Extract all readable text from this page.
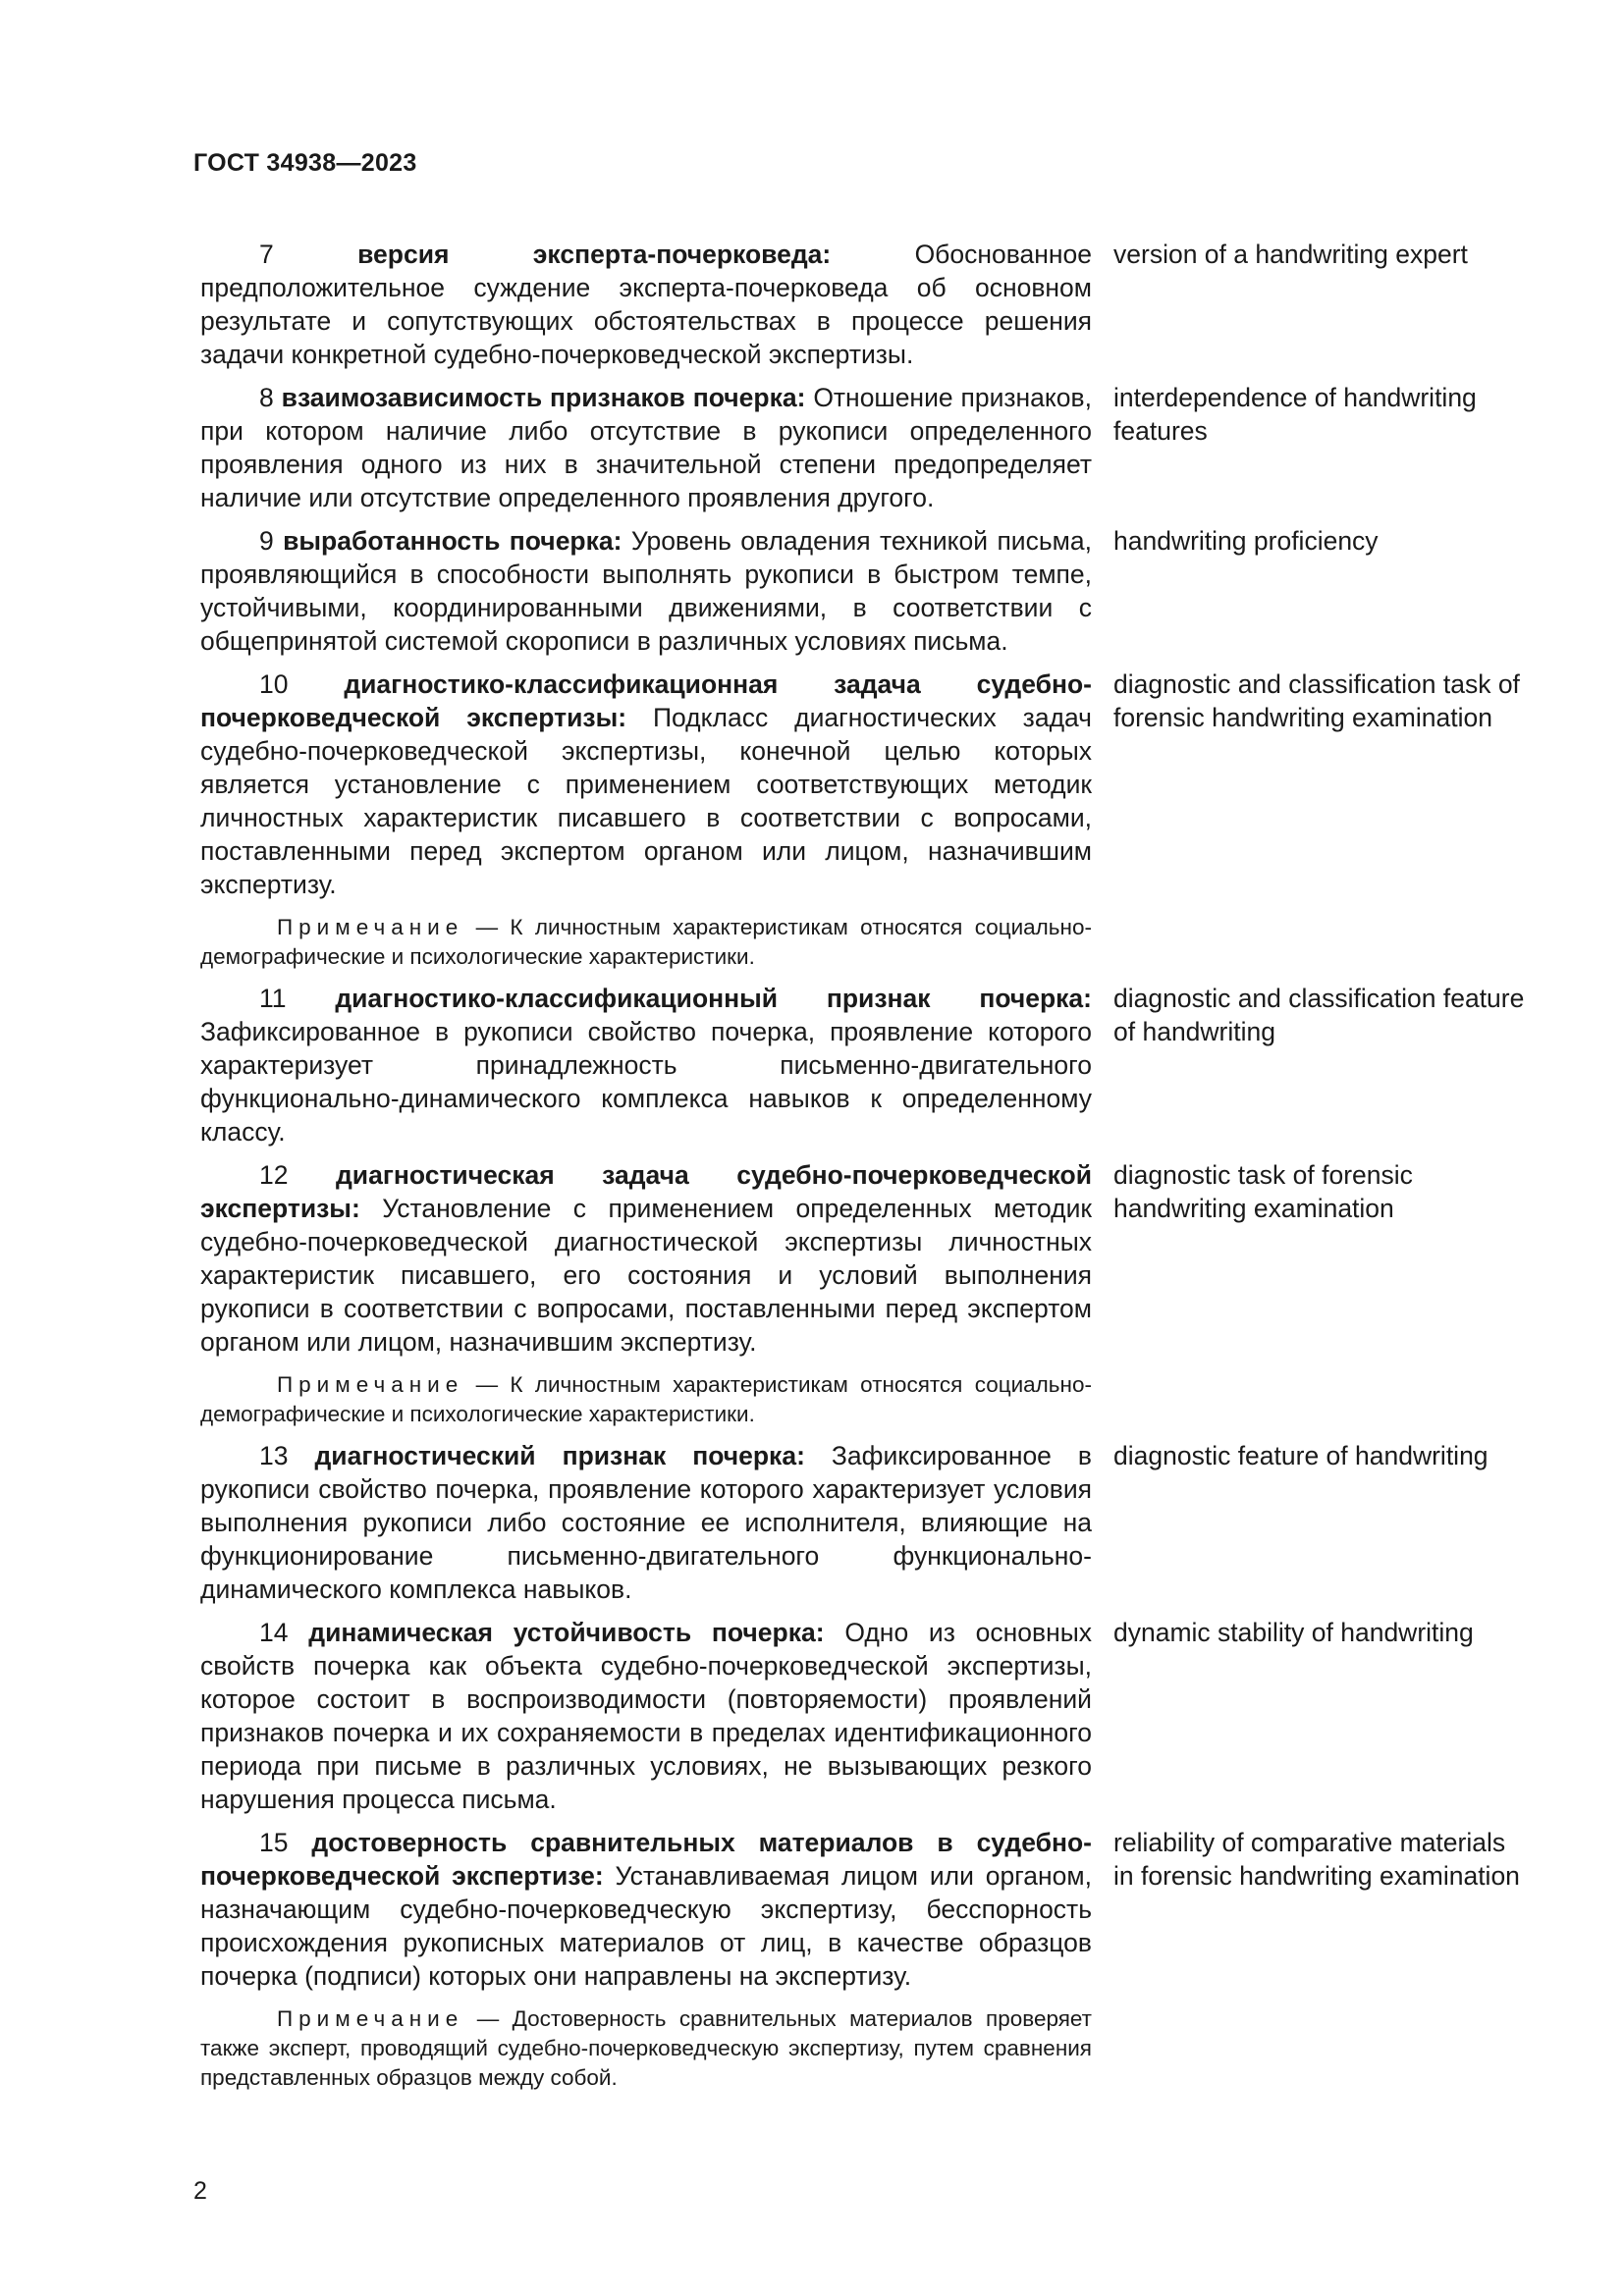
ГОСТ 34938—2023
7	версия эксперта-почерковеда:	Обоснованное предположительное суждение эксперта-почерковеда об основном результате и сопутствующих обстоятельствах в процессе решения задачи конкретной судебно-почерковедческой экспертизы.
version of a handwriting expert
8 взаимозависимость признаков почерка: Отношение признаков, при котором наличие либо отсутствие в рукописи определенного проявления одного из них в значительной степени предопределяет наличие или отсутствие определенного проявления другого.
interdependence of handwriting features
9 выработанность почерка: Уровень овладения техникой письма, проявляющийся в способности выполнять рукописи в быстром темпе, устойчивыми, координированными движениями, в соответствии с общепринятой системой скорописи в различных условиях письма.
handwriting proficiency
10 диагностико-классификационная задача судебно-почерковедческой экспертизы: Подкласс диагностических задач судебно-почерковедческой экспертизы, конечной целью которых является установление с применением соответствующих методик личностных характеристик писавшего в соответствии с вопросами, поставленными перед экспертом органом или лицом, назначившим экспертизу.
diagnostic and classification task of forensic handwriting examination
Примечание — К личностным характеристикам относятся социально-демографические и психологические характеристики.
11 диагностико-классификационный признак почерка: Зафиксированное в рукописи свойство почерка, проявление которого характеризует принадлежность письменно-двигательного функционально-динамического комплекса навыков к определенному классу.
diagnostic and classification feature of handwriting
12 диагностическая задача судебно-почерковедческой экспертизы: Установление с применением определенных методик судебно-почерковедческой диагностической экспертизы личностных характеристик писавшего, его состояния и условий выполнения рукописи в соответствии с вопросами, поставленными перед экспертом органом или лицом, назначившим экспертизу.
diagnostic task of forensic handwriting examination
Примечание — К личностным характеристикам относятся социально-демографические и психологические характеристики.
13 диагностический признак почерка: Зафиксированное в рукописи свойство почерка, проявление которого характеризует условия выполнения рукописи либо состояние ее исполнителя, влияющие на функционирование письменно-двигательного функционально-динамического комплекса навыков.
diagnostic feature of handwriting
14 динамическая устойчивость почерка: Одно из основных свойств почерка как объекта судебно-почерковедческой экспертизы, которое состоит в воспроизводимости (повторяемости) проявлений признаков почерка и их сохраняемости в пределах идентификационного периода при письме в различных условиях, не вызывающих резкого нарушения процесса письма.
dynamic stability of handwriting
15 достоверность сравнительных материалов в судебно-почерковедческой экспертизе: Устанавливаемая лицом или органом, назначающим судебно-почерковедческую экспертизу, бесспорность происхождения рукописных материалов от лиц, в качестве образцов почерка (подписи) которых они направлены на экспертизу.
reliability of comparative materials in forensic handwriting examination
Примечание — Достоверность сравнительных материалов проверяет также эксперт, проводящий судебно-почерковедческую экспертизу, путем сравнения представленных образцов между собой.
2
